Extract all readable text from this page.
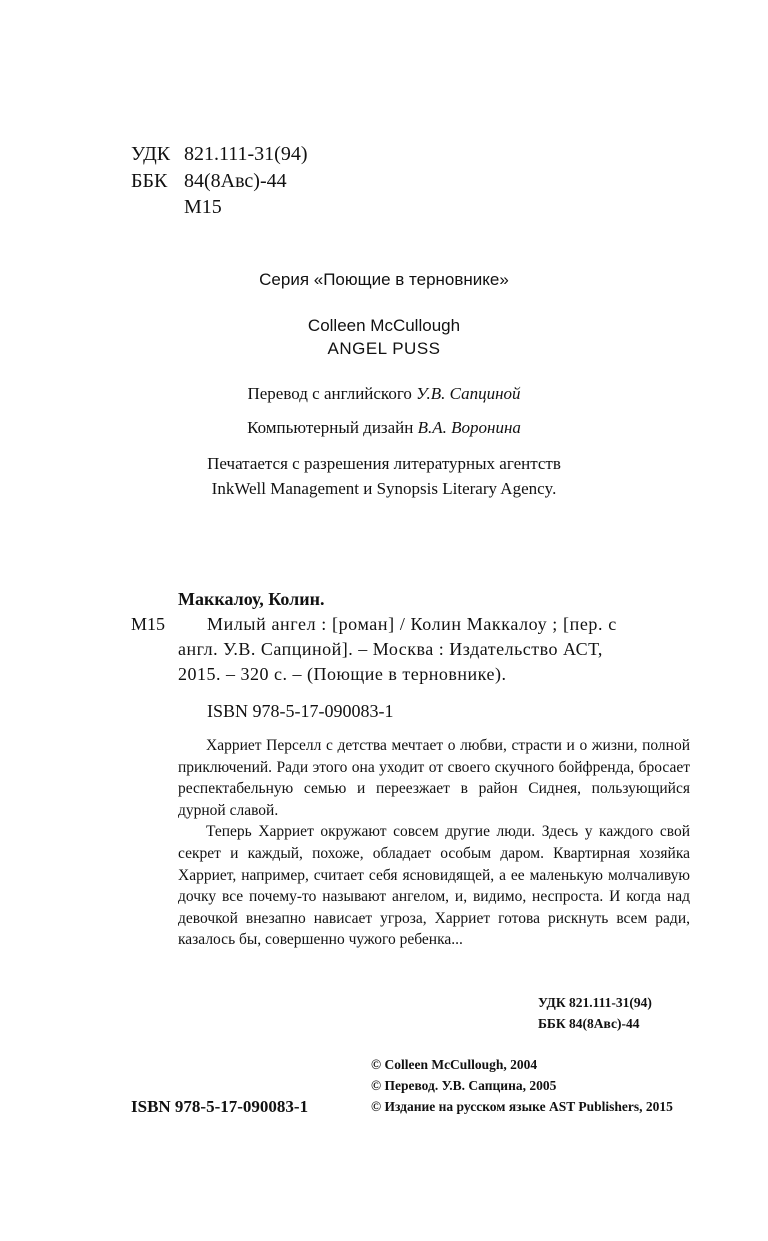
УДК 821.111-31(94)
ББК 84(8Авс)-44
М15
Серия «Поющие в терновнике»
Colleen McCullough
ANGEL PUSS
Перевод с английского У.В. Сапциной
Компьютерный дизайн В.А. Воронина
Печатается с разрешения литературных агентств
InkWell Management и Synopsis Literary Agency.
Маккалоу, Колин.
М15 Милый ангел : [роман] / Колин Маккалоу ; [пер. с
англ. У.В. Сапциной]. – Москва : Издательство АСТ,
2015. – 320 с. – (Поющие в терновнике).
ISBN 978-5-17-090083-1

Харриет Перселл с детства мечтает о любви, страсти и о жизни, полной приключений. Ради этого она уходит от своего скучного бойфренда, бросает респектабельную семью и переезжает в район Сиднея, пользующийся дурной славой.

Теперь Харриет окружают совсем другие люди. Здесь у каждого свой секрет и каждый, похоже, обладает особым даром. Квартирная хозяйка Харриет, например, считает себя ясновидящей, а ее маленькую молчаливую дочку все почему-то называют ангелом, и, видимо, неспроста. И когда над девочкой внезапно нависает угроза, Харриет готова рискнуть всем ради, казалось бы, совершенно чужого ребенка...

УДК 821.111-31(94)
ББК 84(8Авс)-44
© Colleen McCullough, 2004
© Перевод. У.В. Сапцина, 2005
© Издание на русском языке AST Publishers, 2015
ISBN 978-5-17-090083-1
